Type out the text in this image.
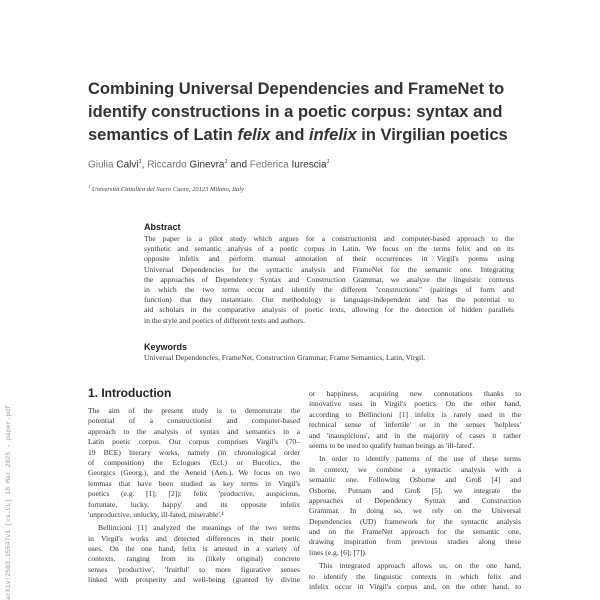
Combining Universal Dependencies and FrameNet to
identify constructions in a poetic corpus: syntax and
semantics of Latin felix and infelix in Virgilian poetics
Giulia Calvi$^1$, Riccardo Ginevra$^1$ and Federica Iurescia$^1$
$^1$ Università Cattolica del Sacro Cuore, 20123 Milano, Italy
Abstract
The paper is a pilot study which argues for a constructionist and computer-based approach to the
synthetic and semantic analysis of a poetic corpus in Latin. We focus on the terms felix and on its
opposite infelix and perform manual annotation of their occurrences in Virgil's poems using
Universal Dependencies for the syntactic analysis and FrameNet for the semantic one. Integrating
the approaches of Dependency Syntax and Construction Grammar, we analyze the linguistic contexts
in which the two terms occur and identify the different "constructions" (pairings of form and
function) that they instantiate. Our methodology is language-independent and has the potential to
aid scholars in the comparative analysis of poetic texts, allowing for the detection of hidden parallels
in the style and poetics of different texts and authors.
Keywords
Universal Dependencies, FrameNet, Construction Grammar, Frame Semantics, Latin, Virgil.
1. Introduction
The aim of the present study is to demonstrate the
potential of a constructionist and computer-based
approach to the analysis of syntax and semantics in a
Latin poetic corpus. Our corpus comprises Virgil's (70–
19 BCE) literary works, namely (in chronological order
of composition) the Eclogues (Ecl.) or Bucolics, the
Georgics (Georg.), and the Aeneid (Aen.). We focus on two
lemmas that have been studied as key terms in Virgil's
poetics (e.g. [1]; [2]): felix 'productive, auspicious,
fortunate, lucky, happy' and its opposite infelix
'unproductive, unlucky, ill-fated, miserable'.¹
Bellincioni [1] analyzed the meanings of the two terms
in Virgil's works and detected differences in their poetic
uses. On the one hand, felix is attested in a variety of
contexts, ranging from its (likely original) concrete
senses 'productive', 'fruitful' to more figurative senses
linked with prosperity and well-being (granted by divine
or happiness, acquiring new connotations thanks to
innovative uses in Virgil's poetics. On the other hand,
according to Bellincioni [1] infelix is rarely used in the
technical sense of 'infertile' or in the senses 'helpless'
and 'inauspicious', and in the majority of cases it rather
seems to be used to qualify human beings as 'ill-fated'.
In order to identify patterns of the use of these terms
in context, we combine a syntactic analysis with a
semantic one. Following Osborne and Groß [4] and
Osborne, Putnam and Groß [5], we integrate the
approaches of Dependency Syntax and Construction
Grammar. In doing so, we rely on the Universal
Dependencies (UD) framework for the syntactic analysis
and on the FrameNet approach for the semantic one,
drawing inspiration from previous studies along these
lines (e.g. [6]; [7]).
This integrated approach allows us, on the one hand,
to identify the linguistic contexts in which felix and
infelix occur in Virgil's corpus and, on the other hand, to
arXiv:2503.15547v1 [cs.CL] 18 Mar 2025 - paper.pdf
